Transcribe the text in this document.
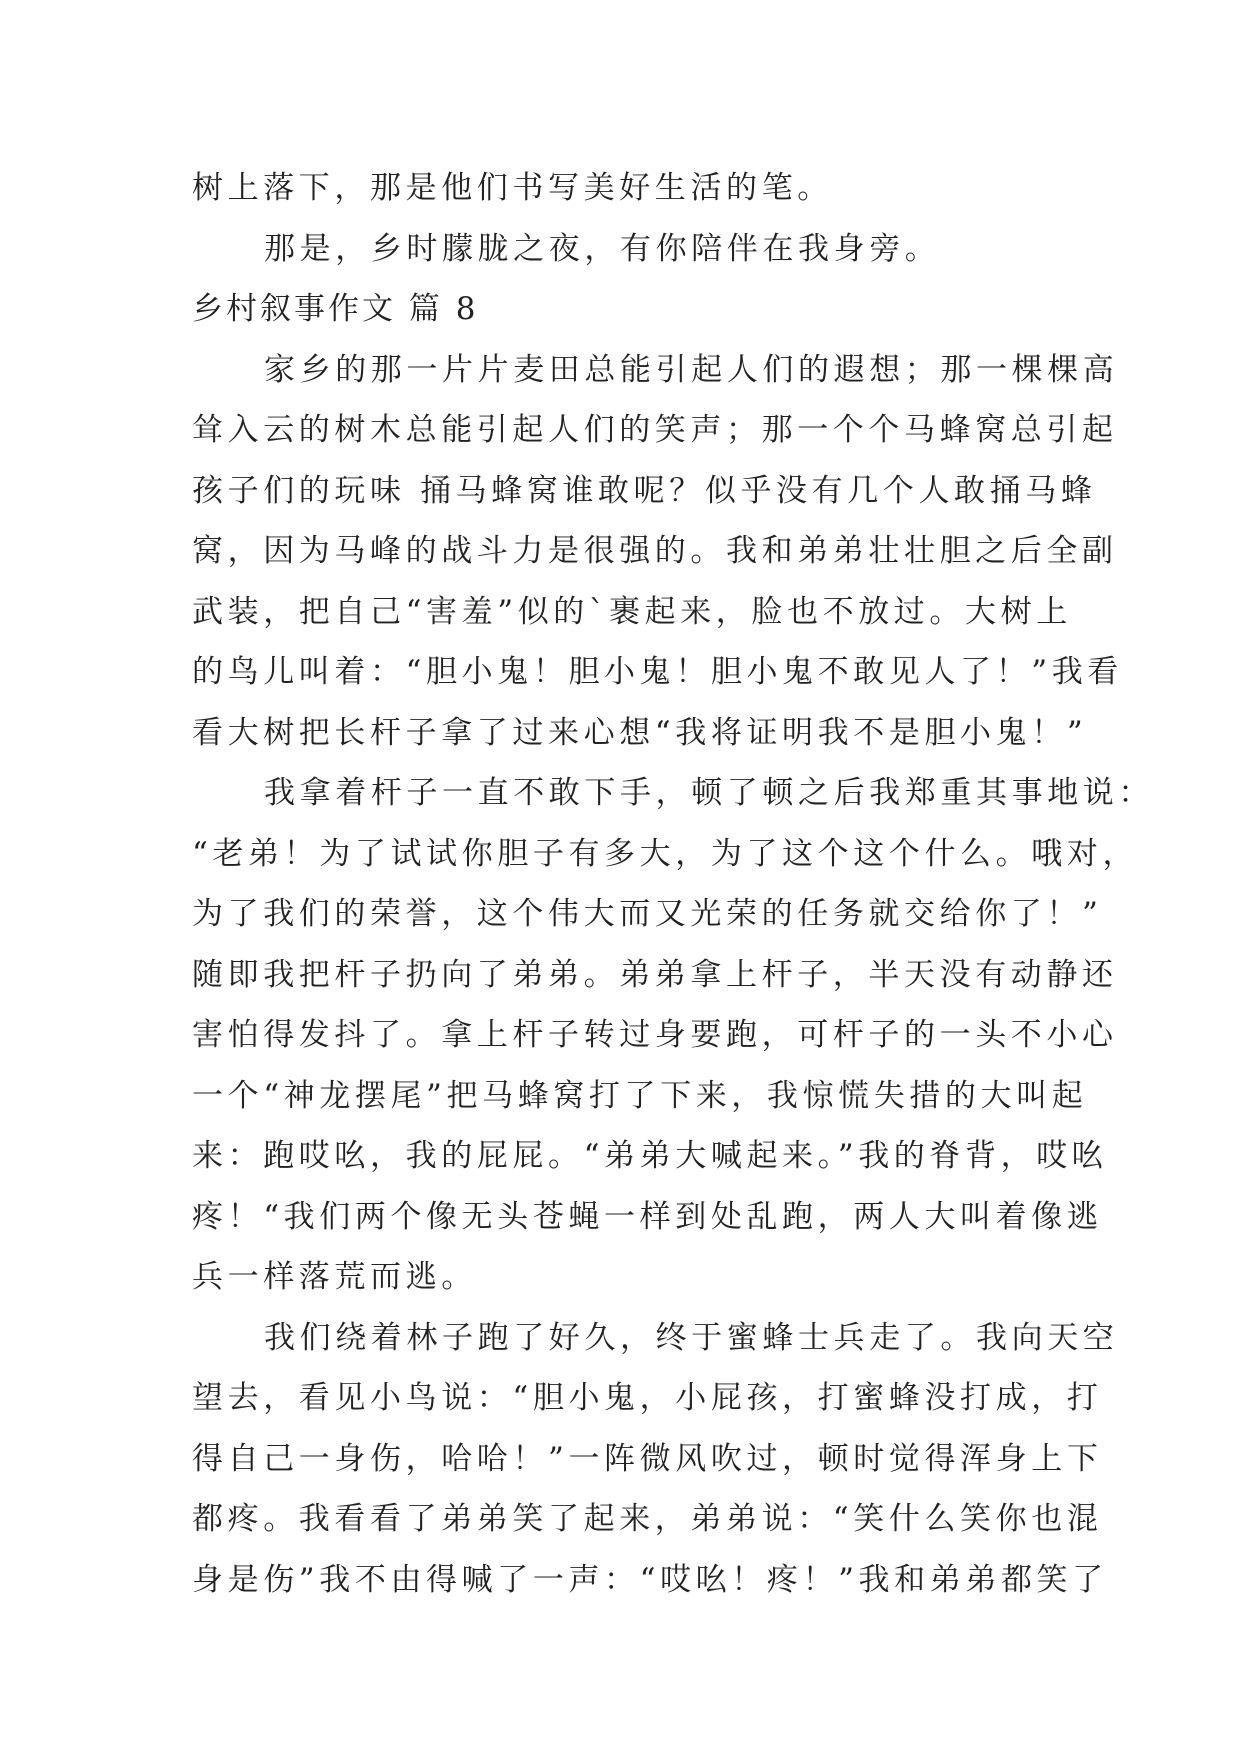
树上落下，那是他们书写美好生活的笔。
那是，乡时朦胧之夜，有你陪伴在我身旁。
乡村叙事作文 篇 8
家乡的那一片片麦田总能引起人们的遐想；那一棵棵高
耸入云的树木总能引起人们的笑声；那一个个马蜂窝总引起
孩子们的玩味 捅马蜂窝谁敢呢？似乎没有几个人敢捅马蜂
窝，因为马峰的战斗力是很强的。我和弟弟壮壮胆之后全副
武装，把自己“害羞”似的`裹起来，脸也不放过。大树上
的鸟儿叫着：“胆小鬼！胆小鬼！胆小鬼不敢见人了！”我看
看大树把长杆子拿了过来心想“我将证明我不是胆小鬼！”
我拿着杆子一直不敢下手，顿了顿之后我郑重其事地说：
“老弟！为了试试你胆子有多大，为了这个这个什么。哦对，
为了我们的荣誉，这个伟大而又光荣的任务就交给你了！”
随即我把杆子扔向了弟弟。弟弟拿上杆子，半天没有动静还
害怕得发抖了。拿上杆子转过身要跑，可杆子的一头不小心
一个“神龙摆尾”把马蜂窝打了下来，我惊慌失措的大叫起
来：跑哎吆，我的屁屁。“弟弟大喊起来。”我的脊背，哎吆
疼！“我们两个像无头苍蝇一样到处乱跑，两人大叫着像逃
兵一样落荒而逃。
我们绕着林子跑了好久，终于蜜蜂士兵走了。我向天空
望去，看见小鸟说：“胆小鬼，小屁孩，打蜜蜂没打成，打
得自己一身伤，哈哈！”一阵微风吹过，顿时觉得浑身上下
都疼。我看看了弟弟笑了起来，弟弟说：“笑什么笑你也混
身是伤”我不由得喊了一声：“哎吆！疼！”我和弟弟都笑了
